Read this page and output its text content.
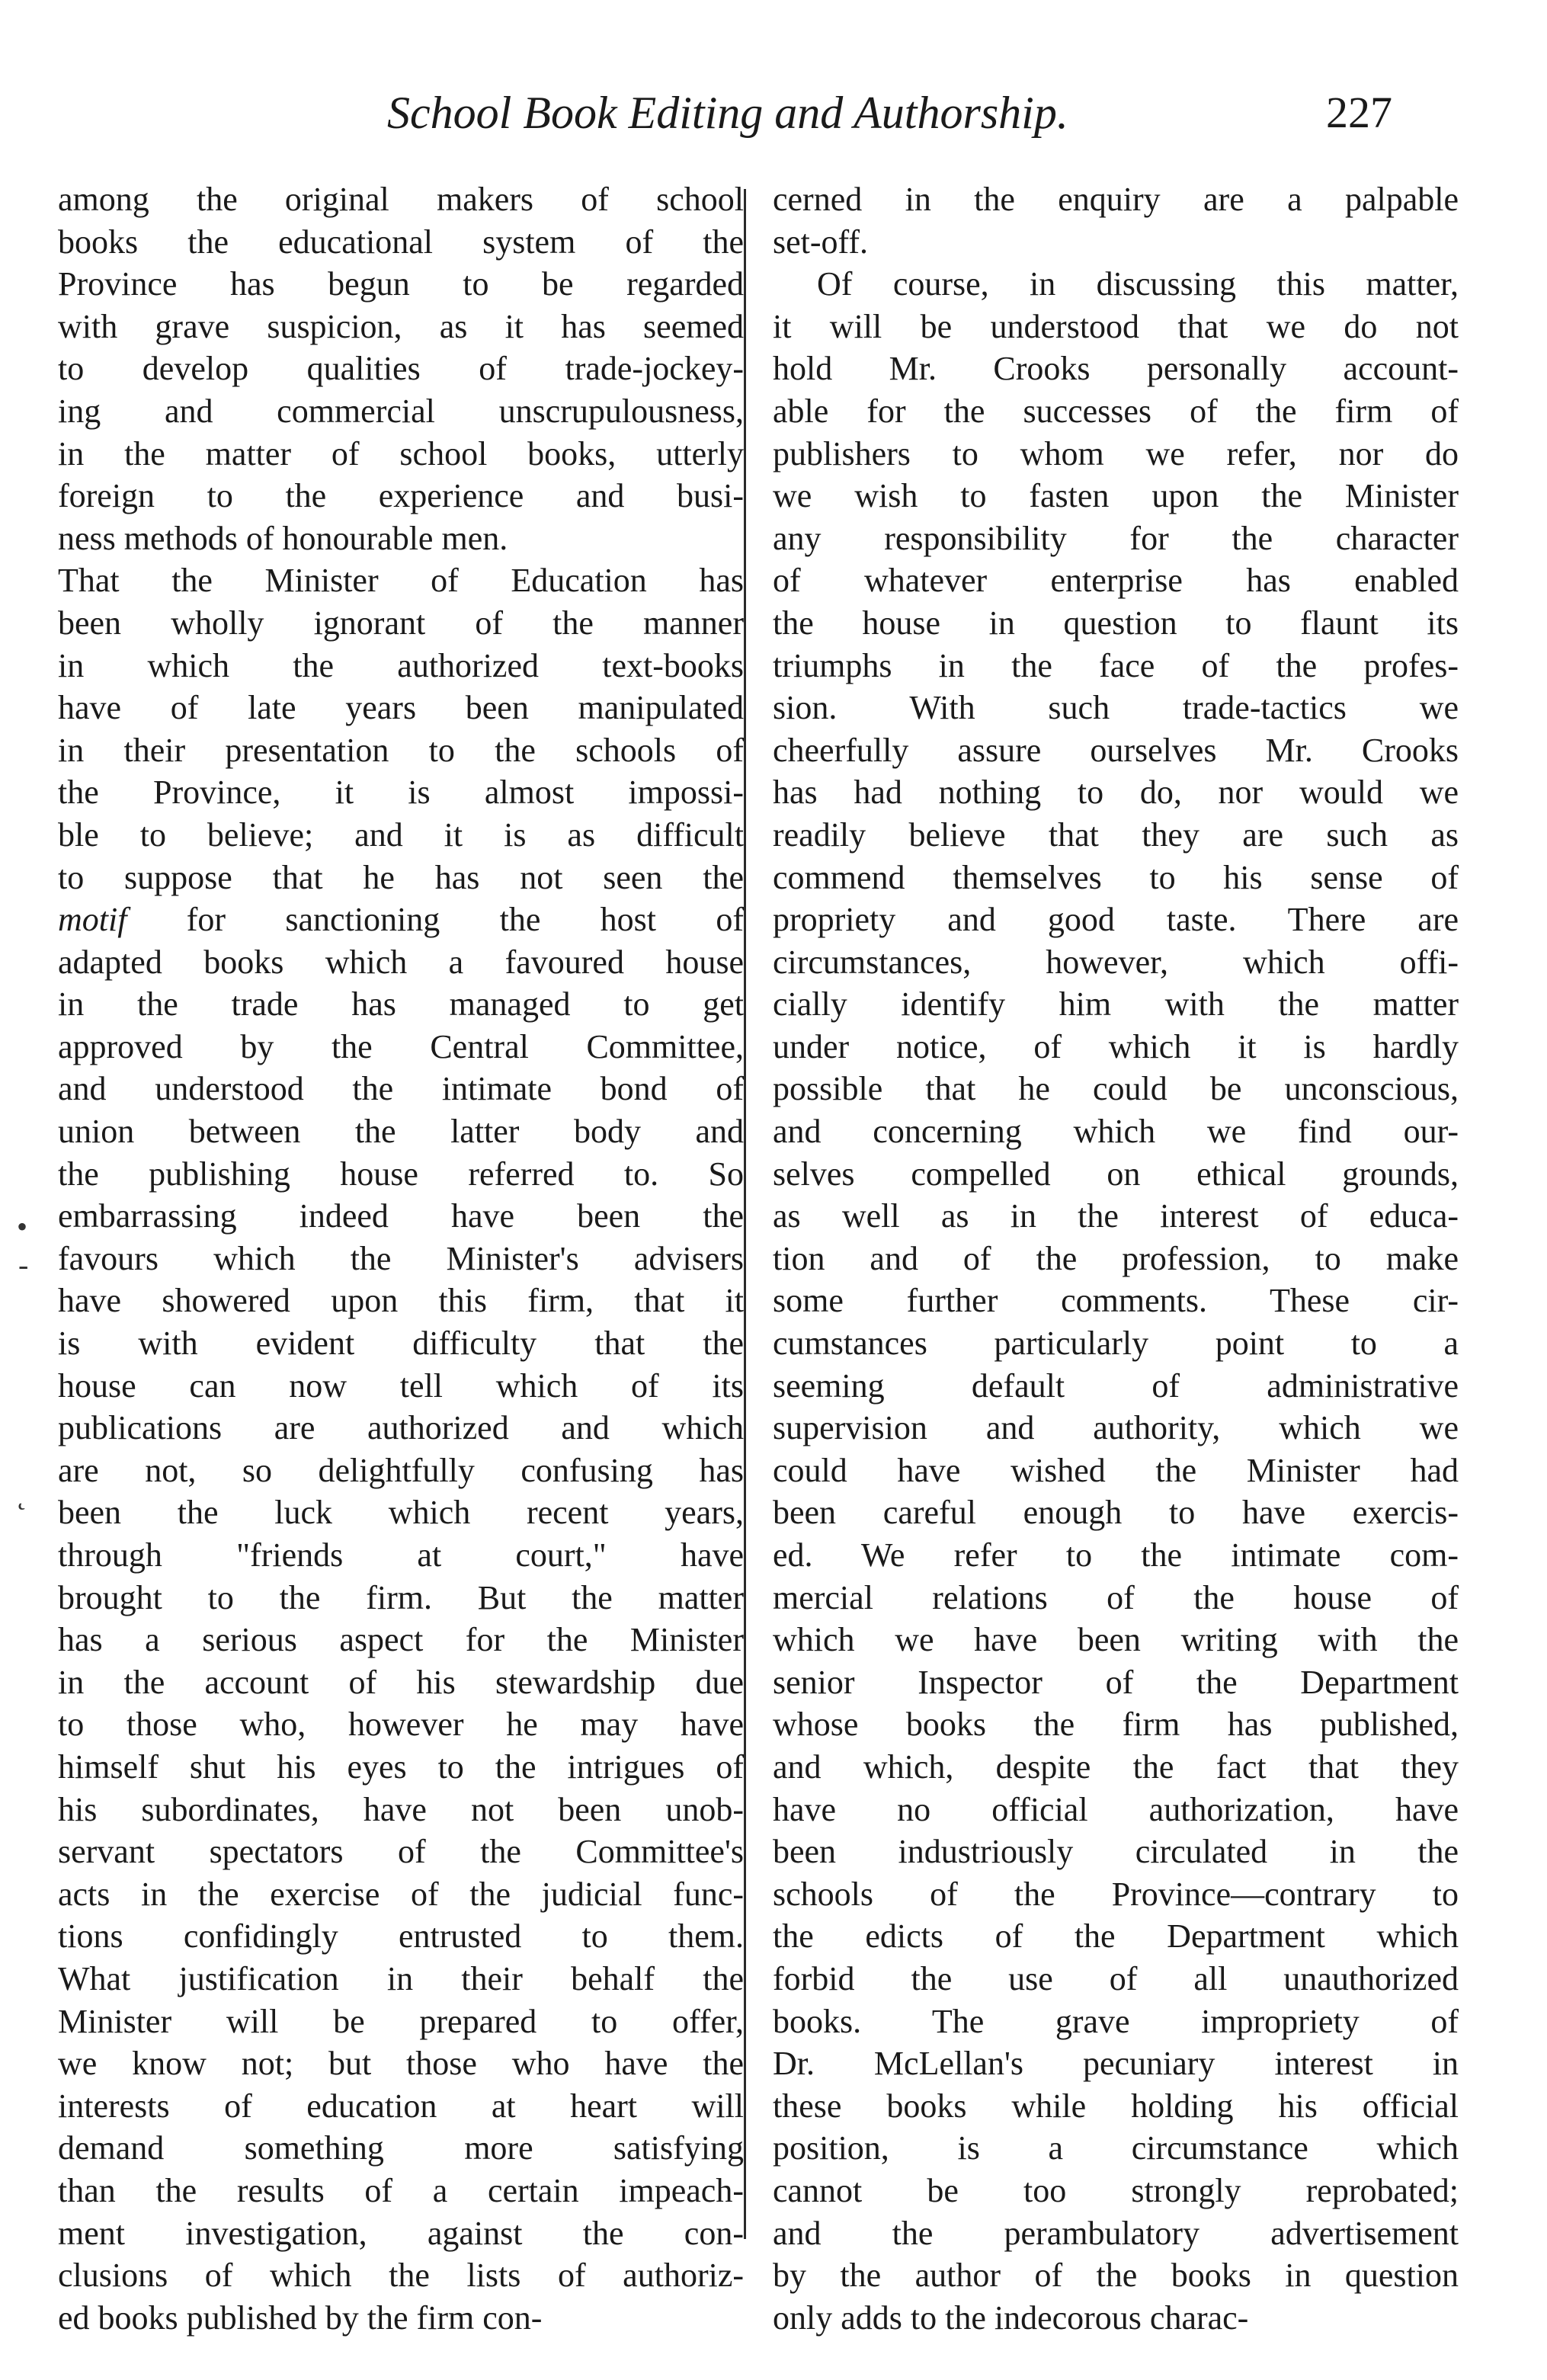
School Book Editing and Authorship.	227
among the original makers of school
books the educational system of the
Province has begun to be regarded
with grave suspicion, as it has seemed
to develop qualities of trade-jockey-
ing and commercial unscrupulousness,
in the matter of school books, utterly
foreign to the experience and busi-
ness methods of honourable men.
That the Minister of Education has
been wholly ignorant of the manner
in which the authorized text-books
have of late years been manipulated
in their presentation to the schools of
the Province, it is almost impossi-
ble to believe; and it is as difficult
to suppose that he has not seen the
motif for sanctioning the host of
adapted books which a favoured house
in the trade has managed to get
approved by the Central Committee,
and understood the intimate bond of
union between the latter body and
the publishing house referred to. So
embarrassing indeed have been the
favours which the Minister's advisers
have showered upon this firm, that it
is with evident difficulty that the
house can now tell which of its
publications are authorized and which
are not, so delightfully confusing has
been the luck which recent years,
through "friends at court," have
brought to the firm. But the matter
has a serious aspect for the Minister
in the account of his stewardship due
to those who, however he may have
himself shut his eyes to the intrigues of
his subordinates, have not been unob-
servant spectators of the Committee's
acts in the exercise of the judicial func-
tions confidingly entrusted to them.
What justification in their behalf the
Minister will be prepared to offer,
we know not; but those who have the
interests of education at heart will
demand something more satisfying
than the results of a certain impeach-
ment investigation, against the con-
clusions of which the lists of authoriz-
ed books published by the firm con-
cerned in the enquiry are a palpable
set-off.
Of course, in discussing this matter,
it will be understood that we do not
hold Mr. Crooks personally account-
able for the successes of the firm of
publishers to whom we refer, nor do
we wish to fasten upon the Minister
any responsibility for the character
of whatever enterprise has enabled
the house in question to flaunt its
triumphs in the face of the profes-
sion. With such trade-tactics we
cheerfully assure ourselves Mr. Crooks
has had nothing to do, nor would we
readily believe that they are such as
commend themselves to his sense of
propriety and good taste. There are
circumstances, however, which offi-
cially identify him with the matter
under notice, of which it is hardly
possible that he could be unconscious,
and concerning which we find our-
selves compelled on ethical grounds,
as well as in the interest of educa-
tion and of the profession, to make
some further comments. These cir-
cumstances particularly point to a
seeming default of administrative
supervision and authority, which we
could have wished the Minister had
been careful enough to have exercis-
ed. We refer to the intimate com-
mercial relations of the house of
which we have been writing with the
senior Inspector of the Department
whose books the firm has published,
and which, despite the fact that they
have no official authorization, have
been industriously circulated in the
schools of the Province—contrary to
the edicts of the Department which
forbid the use of all unauthorized
books. The grave impropriety of
Dr. McLellan's pecuniary interest in
these books while holding his official
position, is a circumstance which
cannot be too strongly reprobated;
and the perambulatory advertisement
by the author of the books in question
only adds to the indecorous charac-
•
-
˛
